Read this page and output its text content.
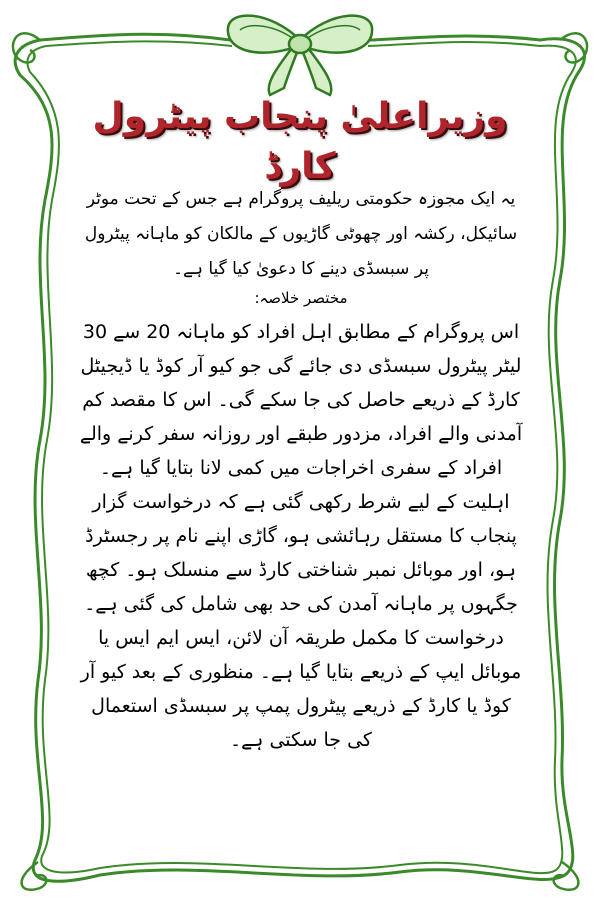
وزیراعلیٰ پنجاب پیٹرول کارڈ

یہ ایک مجوزہ حکومتی ریلیف پروگرام ہے جس کے تحت موٹر سائیکل، رکشہ اور چھوٹی گاڑیوں کے مالکان کو ماہانہ پیٹرول پر سبسڈی دینے کا دعویٰ کیا گیا ہے۔

مختصر خلاصہ:

اس پروگرام کے مطابق اہل افراد کو ماہانہ 20 سے 30 لیٹر پیٹرول سبسڈی دی جائے گی جو کیو آر کوڈ یا ڈیجیٹل کارڈ کے ذریعے حاصل کی جا سکے گی۔ اس کا مقصد کم آمدنی والے افراد، مزدور طبقے اور روزانہ سفر کرنے والے افراد کے سفری اخراجات میں کمی لانا بتایا گیا ہے۔

اہلیت کے لیے شرط رکھی گئی ہے کہ درخواست گزار پنجاب کا مستقل رہائشی ہو، گاڑی اپنے نام پر رجسٹرڈ ہو، اور موبائل نمبر شناختی کارڈ سے منسلک ہو۔ کچھ جگہوں پر ماہانہ آمدن کی حد بھی شامل کی گئی ہے۔

درخواست کا مکمل طریقہ آن لائن، ایس ایم ایس یا موبائل ایپ کے ذریعے بتایا گیا ہے۔ منظوری کے بعد کیو آر کوڈ یا کارڈ کے ذریعے پیٹرول پمپ پر سبسڈی استعمال کی جا سکتی ہے۔
